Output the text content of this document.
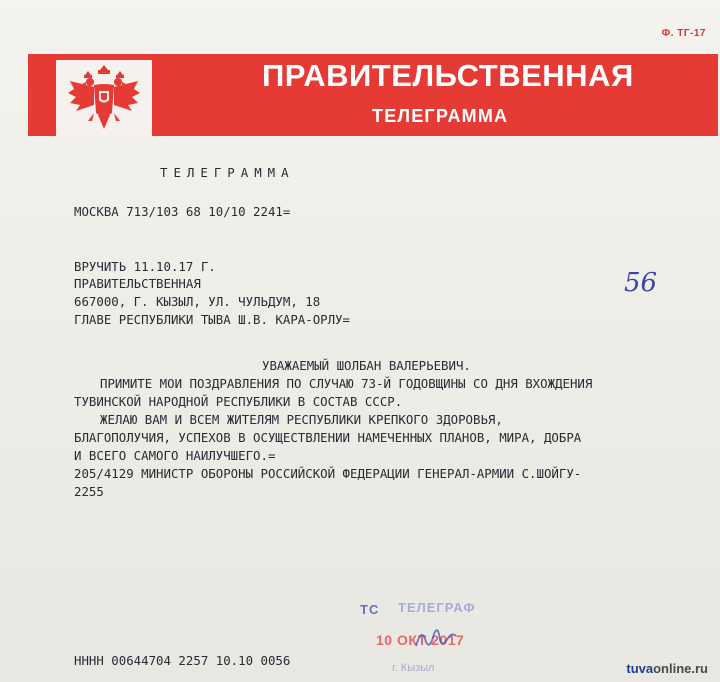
Ф. ТГ-17
ПРАВИТЕЛЬСТВЕННАЯ
ТЕЛЕГРАММА
ТЕЛЕГРАММА
МОСКВА 713/103 68 10/10 2241=
ВРУЧИТЬ 11.10.17 Г.
ПРАВИТЕЛЬСТВЕННАЯ
667000, Г. КЫЗЫЛ, УЛ. ЧУЛЬДУМ, 18
ГЛАВЕ РЕСПУБЛИКИ ТЫВА Ш.В. КАРА-ОРЛУ=
56
УВАЖАЕМЫЙ ШОЛБАН ВАЛЕРЬЕВИЧ.
ПРИМИТЕ МОИ ПОЗДРАВЛЕНИЯ ПО СЛУЧАЮ 73-Й ГОДОВЩИНЫ СО ДНЯ ВХОЖДЕНИЯ
ТУВИНСКОЙ НАРОДНОЙ РЕСПУБЛИКИ В СОСТАВ СССР.
ЖЕЛАЮ ВАМ И ВСЕМ ЖИТЕЛЯМ РЕСПУБЛИКИ КРЕПКОГО ЗДОРОВЬЯ,
БЛАГОПОЛУЧИЯ, УСПЕХОВ В ОСУЩЕСТВЛЕНИИ НАМЕЧЕННЫХ ПЛАНОВ, МИРА, ДОБРА
И ВСЕГО САМОГО НАИЛУЧШЕГО.=
205/4129 МИНИСТР ОБОРОНЫ РОССИЙСКОЙ ФЕДЕРАЦИИ ГЕНЕРАЛ-АРМИИ С.ШОЙГУ-
2255
ТС ТЕЛЕГРАФ
10 ОКТ 2017
г. Кызыл
НННН 00644704 2257 10.10 0056
tuvaonline.ru
